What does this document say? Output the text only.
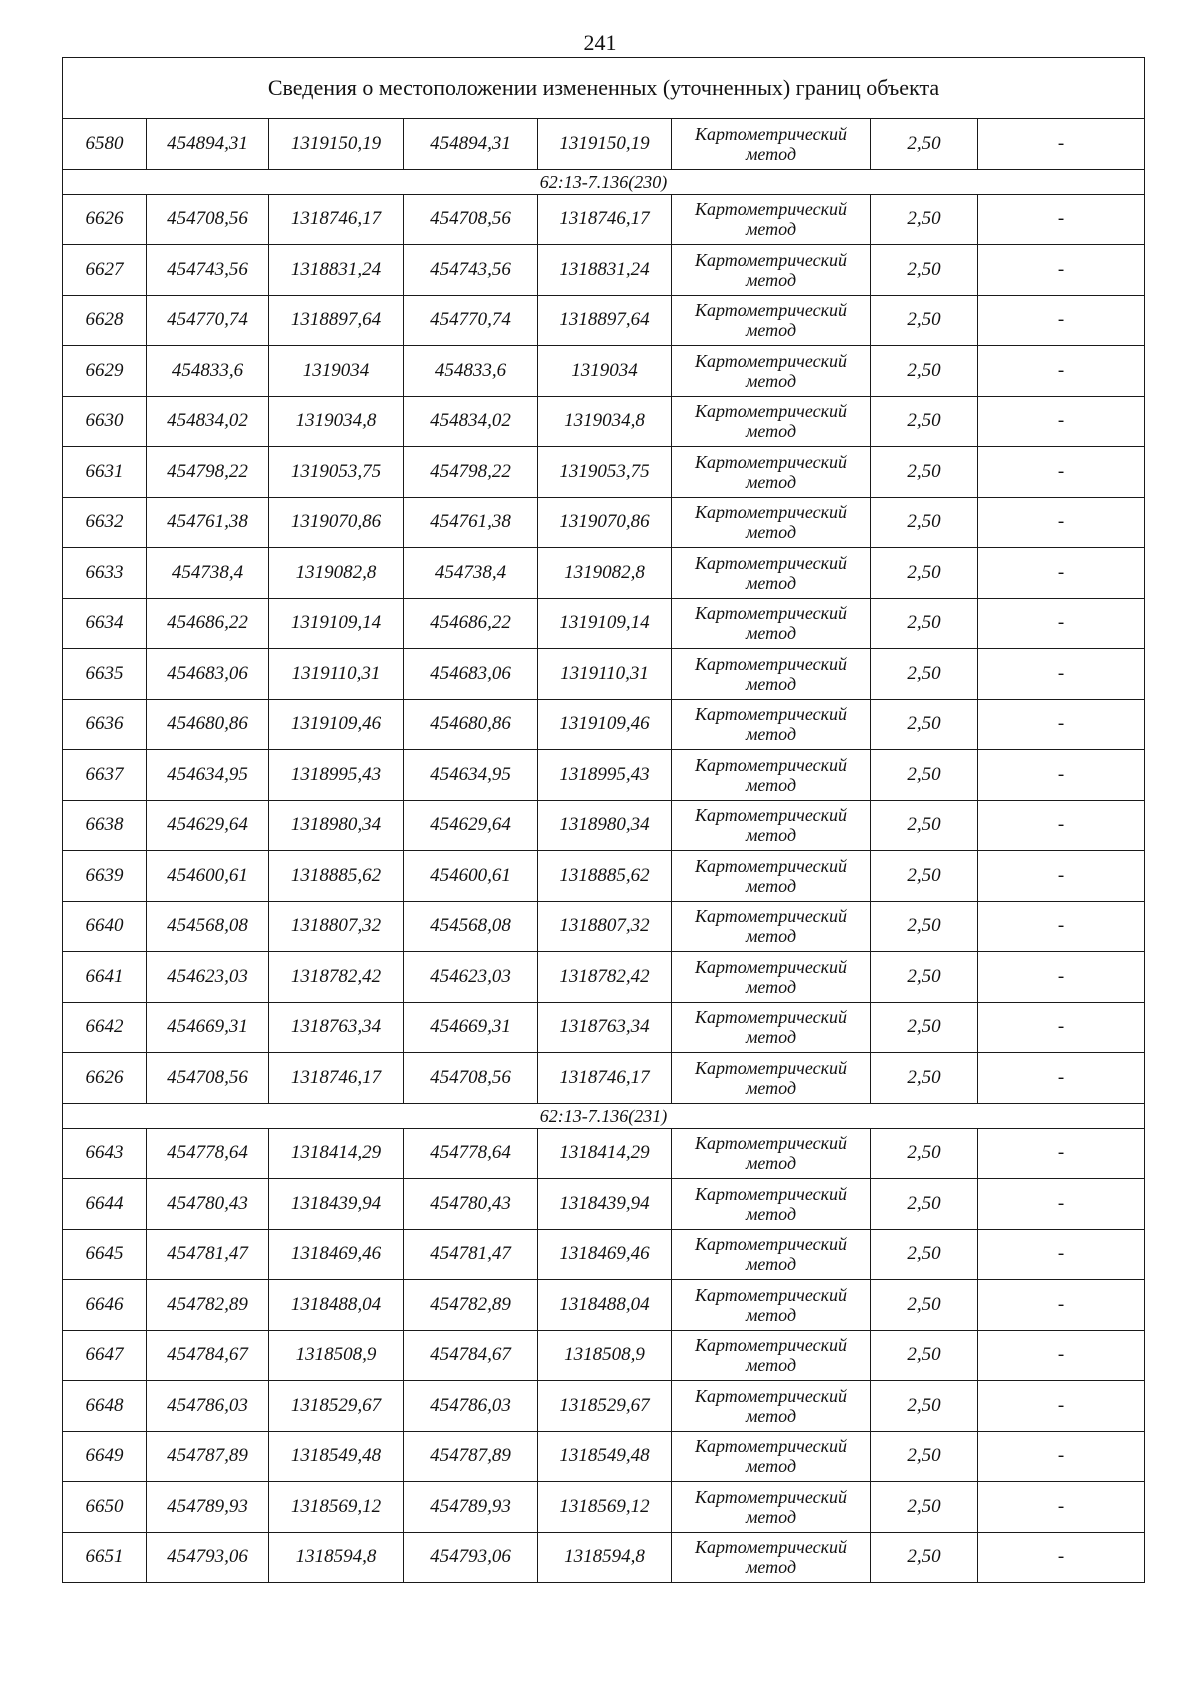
241
Сведения о местоположении измененных (уточненных) границ объекта							
6580	454894,31	1319150,19	454894,31	1319150,19	Картометрический
метод	2,50	-
62:13-7.136(230)							
6626	454708,56	1318746,17	454708,56	1318746,17	Картометрический
метод	2,50	-
6627	454743,56	1318831,24	454743,56	1318831,24	Картометрический
метод	2,50	-
6628	454770,74	1318897,64	454770,74	1318897,64	Картометрический
метод	2,50	-
6629	454833,6	1319034	454833,6	1319034	Картометрический
метод	2,50	-
6630	454834,02	1319034,8	454834,02	1319034,8	Картометрический
метод	2,50	-
6631	454798,22	1319053,75	454798,22	1319053,75	Картометрический
метод	2,50	-
6632	454761,38	1319070,86	454761,38	1319070,86	Картометрический
метод	2,50	-
6633	454738,4	1319082,8	454738,4	1319082,8	Картометрический
метод	2,50	-
6634	454686,22	1319109,14	454686,22	1319109,14	Картометрический
метод	2,50	-
6635	454683,06	1319110,31	454683,06	1319110,31	Картометрический
метод	2,50	-
6636	454680,86	1319109,46	454680,86	1319109,46	Картометрический
метод	2,50	-
6637	454634,95	1318995,43	454634,95	1318995,43	Картометрический
метод	2,50	-
6638	454629,64	1318980,34	454629,64	1318980,34	Картометрический
метод	2,50	-
6639	454600,61	1318885,62	454600,61	1318885,62	Картометрический
метод	2,50	-
6640	454568,08	1318807,32	454568,08	1318807,32	Картометрический
метод	2,50	-
6641	454623,03	1318782,42	454623,03	1318782,42	Картометрический
метод	2,50	-
6642	454669,31	1318763,34	454669,31	1318763,34	Картометрический
метод	2,50	-
6626	454708,56	1318746,17	454708,56	1318746,17	Картометрический
метод	2,50	-
62:13-7.136(231)							
6643	454778,64	1318414,29	454778,64	1318414,29	Картометрический
метод	2,50	-
6644	454780,43	1318439,94	454780,43	1318439,94	Картометрический
метод	2,50	-
6645	454781,47	1318469,46	454781,47	1318469,46	Картометрический
метод	2,50	-
6646	454782,89	1318488,04	454782,89	1318488,04	Картометрический
метод	2,50	-
6647	454784,67	1318508,9	454784,67	1318508,9	Картометрический
метод	2,50	-
6648	454786,03	1318529,67	454786,03	1318529,67	Картометрический
метод	2,50	-
6649	454787,89	1318549,48	454787,89	1318549,48	Картометрический
метод	2,50	-
6650	454789,93	1318569,12	454789,93	1318569,12	Картометрический
метод	2,50	-
6651	454793,06	1318594,8	454793,06	1318594,8	Картометрический
метод	2,50	-
